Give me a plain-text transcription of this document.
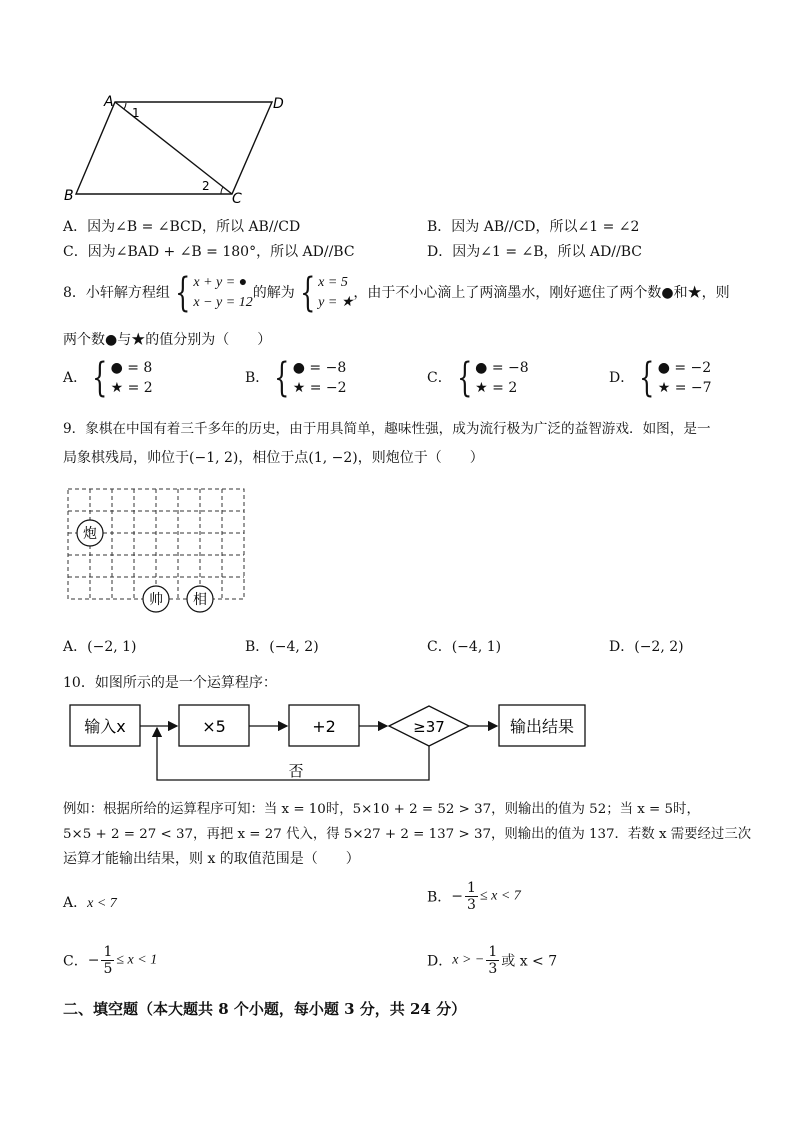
A	D
B	C
1
2
A．因为∠B = ∠BCD，所以 AB//CD	B．因为 AB//CD，所以∠1 = ∠2
C．因为∠BAD + ∠B = 180°，所以 AD//BC	D．因为∠1 = ∠B，所以 AD//BC
8．小轩解方程组 { x + y = ●
x − y = 12
的解为 { x = 5
y = ★
，由于不小心滴上了两滴墨水，刚好遮住了两个数●和★，则
两个数●与★的值分别为（　　）
A． { ● = 8
★ = 2
B． { ● = −8
★ = −2
C． { ● = −8
★ = 2
D． { ● = −2
★ = −7
9．象棋在中国有着三千多年的历史，由于用具简单，趣味性强，成为流行极为广泛的益智游戏．如图，是一
局象棋残局，帅位于(−1, 2)，相位于点(1, −2)，则炮位于（　　）
炮
帅 相
A．(−2, 1)	B．(−4, 2)	C．(−4, 1)	D．(−2, 2)
10．如图所示的是一个运算程序：
输入x	×5	+2	≥37	输出结果
否
例如：根据所给的运算程序可知：当 x = 10时，5×10 + 2 = 52 > 37，则输出的值为 52；当 x = 5时，
5×5 + 2 = 27 < 37，再把 x = 27 代入，得 5×27 + 2 = 137 > 37，则输出的值为 137．若数 x 需要经过三次
运算才能输出结果，则 x 的取值范围是（　　）
A．x < 7	B．− $\frac{1}{3} \le x < 7$
C．− $\frac{1}{5} \le x < 1$	D．x > − $\frac{1}{3}$ 或 x < 7
二、填空题（本大题共 8 个小题，每小题 3 分，共 24 分）
